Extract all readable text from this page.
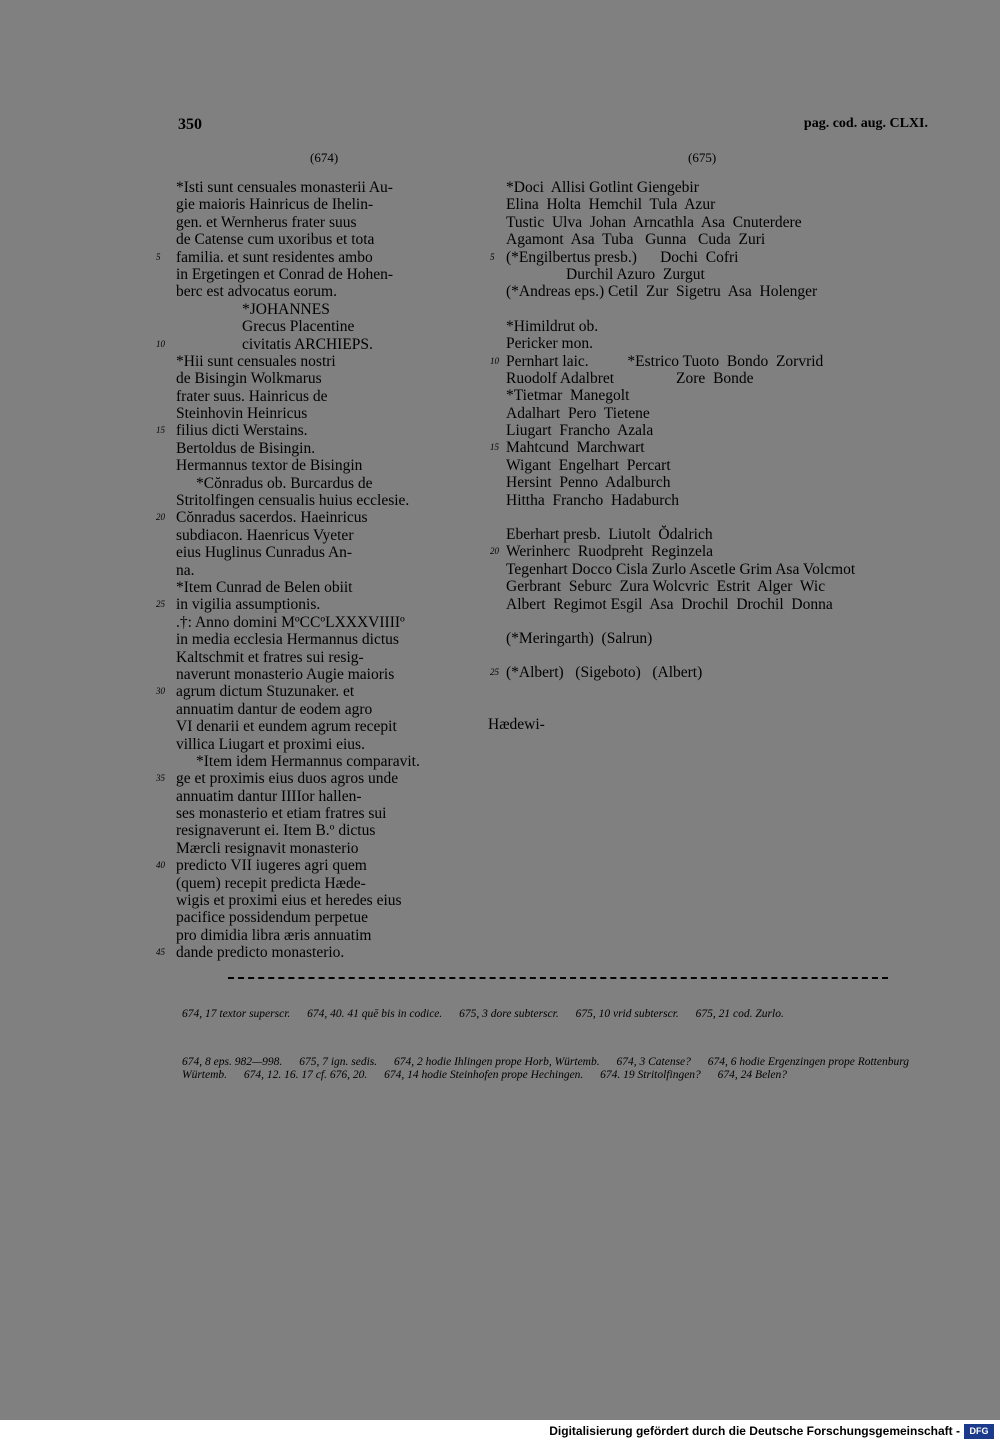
350	pag. cod. aug. CLXI.
(674)	(675)
*Isti sunt censuales monasterii Au-
gie maioris Hainricus de Ihelin-
gen. et Wernherus frater suus
de Catense cum uxoribus et tota
5 familia. et sunt residentes ambo
in Ergetingen et Conrad de Hohen-
berc est advocatus eorum.
*JOHANNES
Grecus Placentine
10	civitatis ARCHIEPS.
*Hii sunt censuales nostri
de Bisingin Wolkmarus
frater suus. Hainricus de
Steinhovin Heinricus
15 filius dicti Werstains.
Bertoldus de Bisingin.
Hermannus textor de Bisingin
*Cŏnradus ob. Burcardus de
Stritolfingen censualis huius ecclesie.
20 Cŏnradus sacerdos. Haeinricus
subdiacon. Haenricus Vyeter
eius Huglinus Cunradus An-
na.
*Item Cunrad de Belen obiit
25 in vigilia assumptionis.
.†: Anno domini MºCCºLXXXVIIIIº
in media ecclesia Hermannus dictus
Kaltschmit et fratres sui resig-
naverunt monasterio Augie maioris
30 agrum dictum Stuzunaker. et
annuatim dantur de eodem agro
VI denarii et eundem agrum recepit
villica Liugart et proximi eius.
*Item idem Hermannus comparavit.
35 ge et proximis eius duos agros unde
annuatim dantur IIIIor hallen-
ses monasterio et etiam fratres sui
resignaverunt ei. Item B.º dictus
Mærcli resignavit monasterio
40 predicto VII iugeres agri quem
(quem) recepit predicta Hæde-
wigis et proximi eius et heredes eius
pacifice possidendum perpetue
pro dimidia libra æris annuatim
45 dande predicto monasterio.
*Doci  Allisi Gotlint Giengebir
Elina  Holta  Hemchil  Tula  Azur
Tustic  Ulva  Johan  Arncathla  Asa  Cnuterdere
Agamont  Asa  Tuba   Gunna   Cuda  Zuri
5 (*Engilbertus presb.)      Dochi  Cofri
Durchil Azuro  Zurgut
(*Andreas eps.) Cetil  Zur  Sigetru  Asa  Holenger
*Himildrut ob.
Pericker mon.
10 Pernhart laic.          *Estrico Tuoto  Bondo  Zorvrid
Ruodolf Adalbret                Zore  Bonde
*Tietmar  Manegolt
Adalhart  Pero  Tietene
Liugart  Francho  Azala
15 Mahtcund  Marchwart
Wigant  Engelhart  Percart
Hersint  Penno  Adalburch
Hittha  Francho  Hadaburch
Eberhart presb.  Liutolt  Ŏdalrich
20 Werinherc  Ruodpreht  Reginzela
Tegenhart Docco Cisla Zurlo Ascetle Grim Asa Volcmot
Gerbrant  Seburc  Zura Wolcvric  Estrit  Alger  Wic
Albert  Regimot Esgil  Asa  Drochil  Drochil  Donna
(*Meringarth)  (Salrun)
25 (*Albert)   (Sigeboto)   (Albert)
Hædewi-
674, 17 textor superscr. 674, 40. 41 quē bis in codice. 675, 3 dore subterscr. 675, 10 vrid subterscr. 675, 21 cod. Zurlo.
674, 8 eps. 982—998. 675, 7 ign. sedis. 674, 2 hodie Ihlingen prope Horb, Würtemb. 674, 3 Catense? 674, 6 hodie Ergenzingen prope Rottenburg Würtemb. 674, 12. 16. 17 cf. 676, 20. 674, 14 hodie Steinhofen prope Hechingen. 674. 19 Stritolfingen? 674, 24 Belen?
Digitalisierung gefördert durch die Deutsche Forschungsgemeinschaft -	DFG
